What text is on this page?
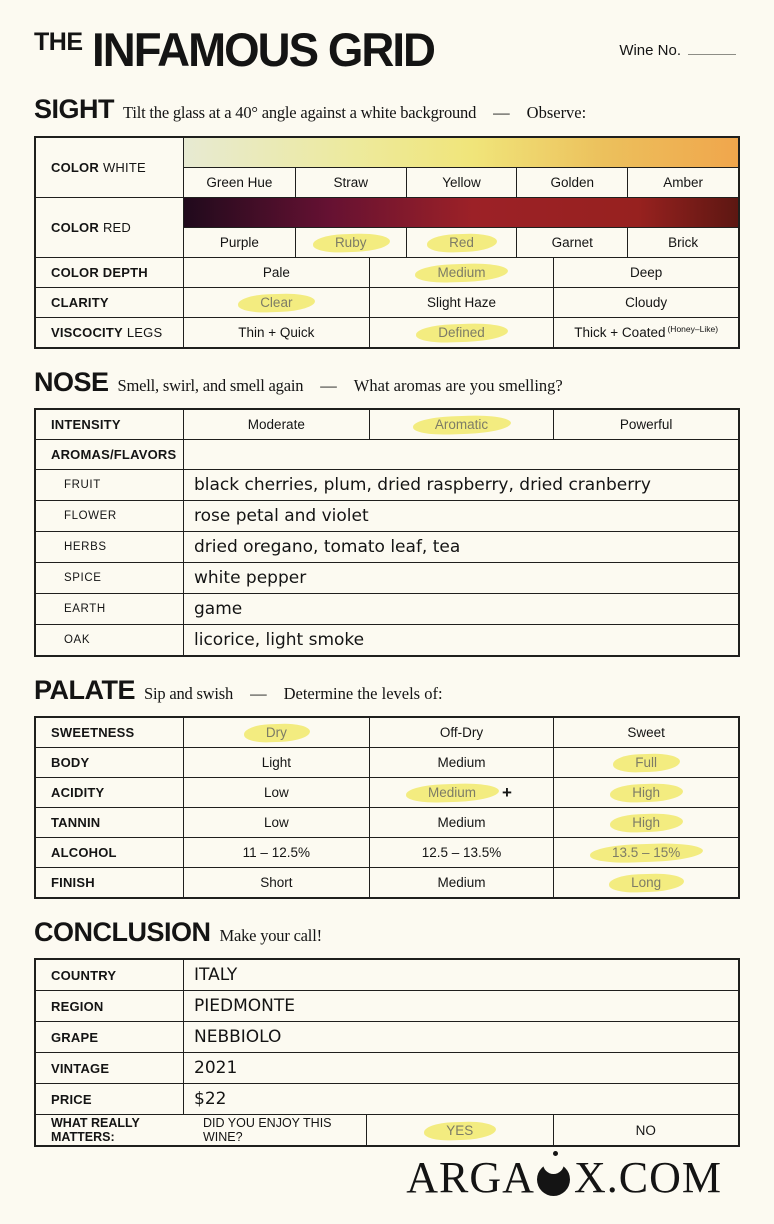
THE INFAMOUS GRID	Wine No.
SIGHT Tilt the glass at a 40° angle against a white background — Observe:
COLOR WHITE
Green Hue	Straw	Yellow	Golden	Amber
COLOR RED
Purple	Ruby	Red	Garnet	Brick
COLOR DEPTH	Pale	Medium	Deep
CLARITY	Clear	Slight Haze	Cloudy
VISCOCITY LEGS	Thin + Quick	Defined	Thick + Coated (Honey–Like)
NOSE Smell, swirl, and smell again — What aromas are you smelling?
INTENSITY	Moderate	Aromatic	Powerful
AROMAS/FLAVORS
FRUIT	black cherries, plum, dried raspberry, dried cranberry
FLOWER	rose petal and violet
HERBS	dried oregano, tomato leaf, tea
SPICE	white pepper
EARTH	game
OAK	licorice, light smoke
PALATE Sip and swish — Determine the levels of:
SWEETNESS	Dry	Off-Dry	Sweet
BODY	Light	Medium	Full
ACIDITY	Low	Medium	+	High
TANNIN	Low	Medium	High
ALCOHOL	11 – 12.5%	12.5 – 13.5%	13.5 – 15%
FINISH	Short	Medium	Long
CONCLUSION Make your call!
COUNTRY	ITALY
REGION	PIEDMONTE
GRAPE	NEBBIOLO
VINTAGE	2021
PRICE	$22
WHAT REALLY MATTERS:
DID YOU ENJOY THIS WINE?	YES	NO
ARGA X.COM
